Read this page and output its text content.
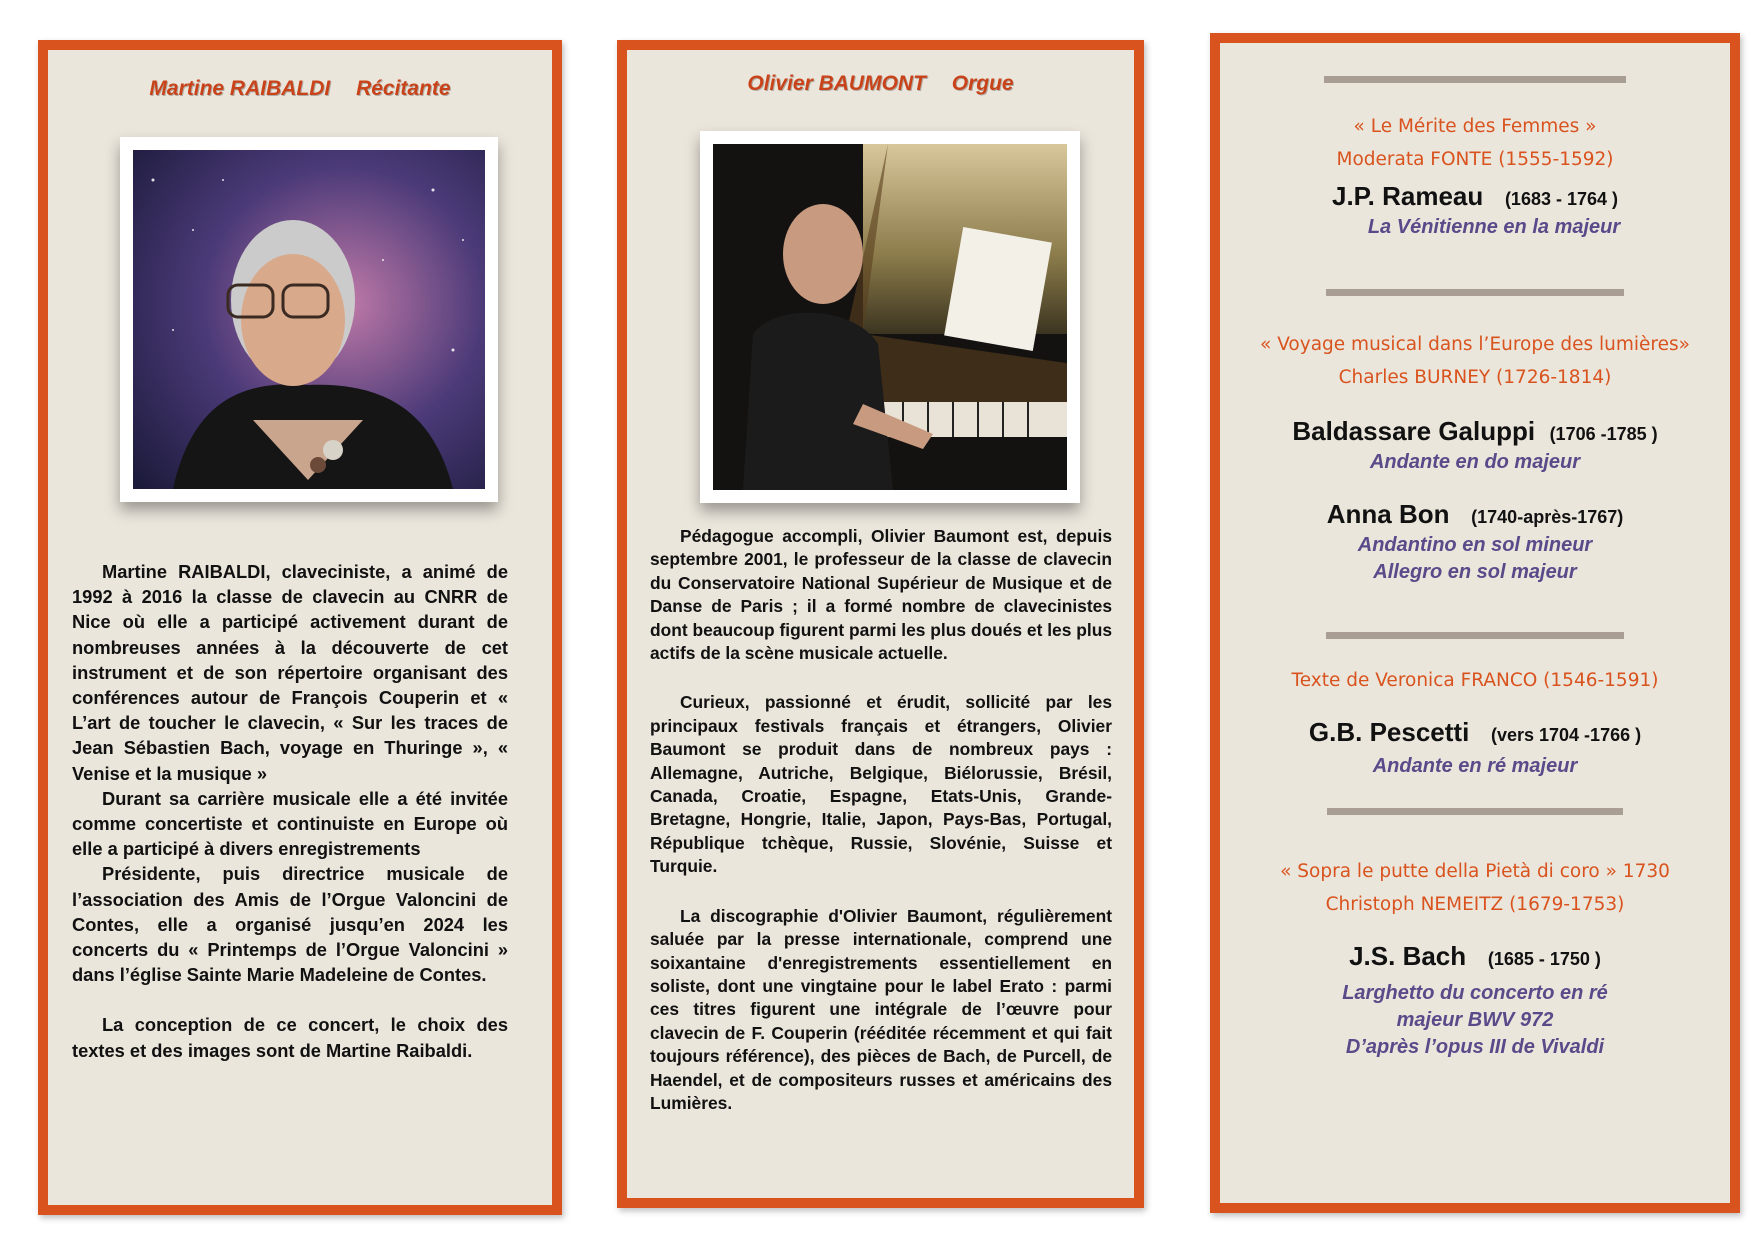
Martine RAIBALDI Récitante

Martine RAIBALDI, claveciniste, a animé de 1992 à 2016 la classe de clavecin au CNRR de Nice où elle a participé activement durant de nombreuses années à la découverte de cet instrument et de son répertoire organisant des conférences autour de François Couperin et « L’art de toucher le clavecin, « Sur les traces de Jean Sébastien Bach, voyage en Thuringe », « Venise et la musique »

Durant sa carrière musicale elle a été invitée comme concertiste et continuiste en Europe où elle a participé à divers enregistrements

Présidente, puis directrice musicale de l’association des Amis de l’Orgue Valoncini de Contes, elle a organisé jusqu’en 2024 les concerts du « Printemps de l’Orgue Valoncini » dans l’église Sainte Marie Madeleine de Contes.

La conception de ce concert, le choix des textes et des images sont de Martine Raibaldi.

Olivier BAUMONT Orgue

Pédagogue accompli, Olivier Baumont est, depuis septembre 2001, le professeur de la classe de clavecin du Conservatoire National Supérieur de Musique et de Danse de Paris ; il a formé nombre de clavecinistes dont beaucoup figurent parmi les plus doués et les plus actifs de la scène musicale actuelle.

Curieux, passionné et érudit, sollicité par les principaux festivals français et étrangers, Olivier Baumont se produit dans de nombreux pays : Allemagne, Autriche, Belgique, Biélorussie, Brésil, Canada, Croatie, Espagne, Etats-Unis, Grande-Bretagne, Hongrie, Italie, Japon, Pays-Bas, Portugal, République tchèque, Russie, Slovénie, Suisse et Turquie.

La discographie d'Olivier Baumont, régulièrement saluée par la presse internationale, comprend une soixantaine d'enregistrements essentiellement en soliste, dont une vingtaine pour le label Erato : parmi ces titres figurent une intégrale de l’œuvre pour clavecin de F. Couperin (rééditée récemment et qui fait toujours référence), des pièces de Bach, de Purcell, de Haendel, et de compositeurs russes et américains des Lumières.

« Le Mérite des Femmes »
Moderata FONTE (1555-1592)
J.P. Rameau (1683 - 1764 )
La Vénitienne en la majeur
« Voyage musical dans l’Europe des lumières»
Charles BURNEY (1726-1814)
Baldassare Galuppi (1706 -1785 )
Andante en do majeur
Anna Bon (1740-après-1767)
Andantino en sol mineur
Allegro en sol majeur
Texte de Veronica FRANCO (1546-1591)
G.B. Pescetti (vers 1704 -1766 )
Andante en ré majeur
« Sopra le putte della Pietà di coro » 1730
Christoph NEMEITZ (1679-1753)
J.S. Bach (1685 - 1750 )
Larghetto du concerto en ré
majeur BWV 972
D’après l’opus III de Vivaldi
